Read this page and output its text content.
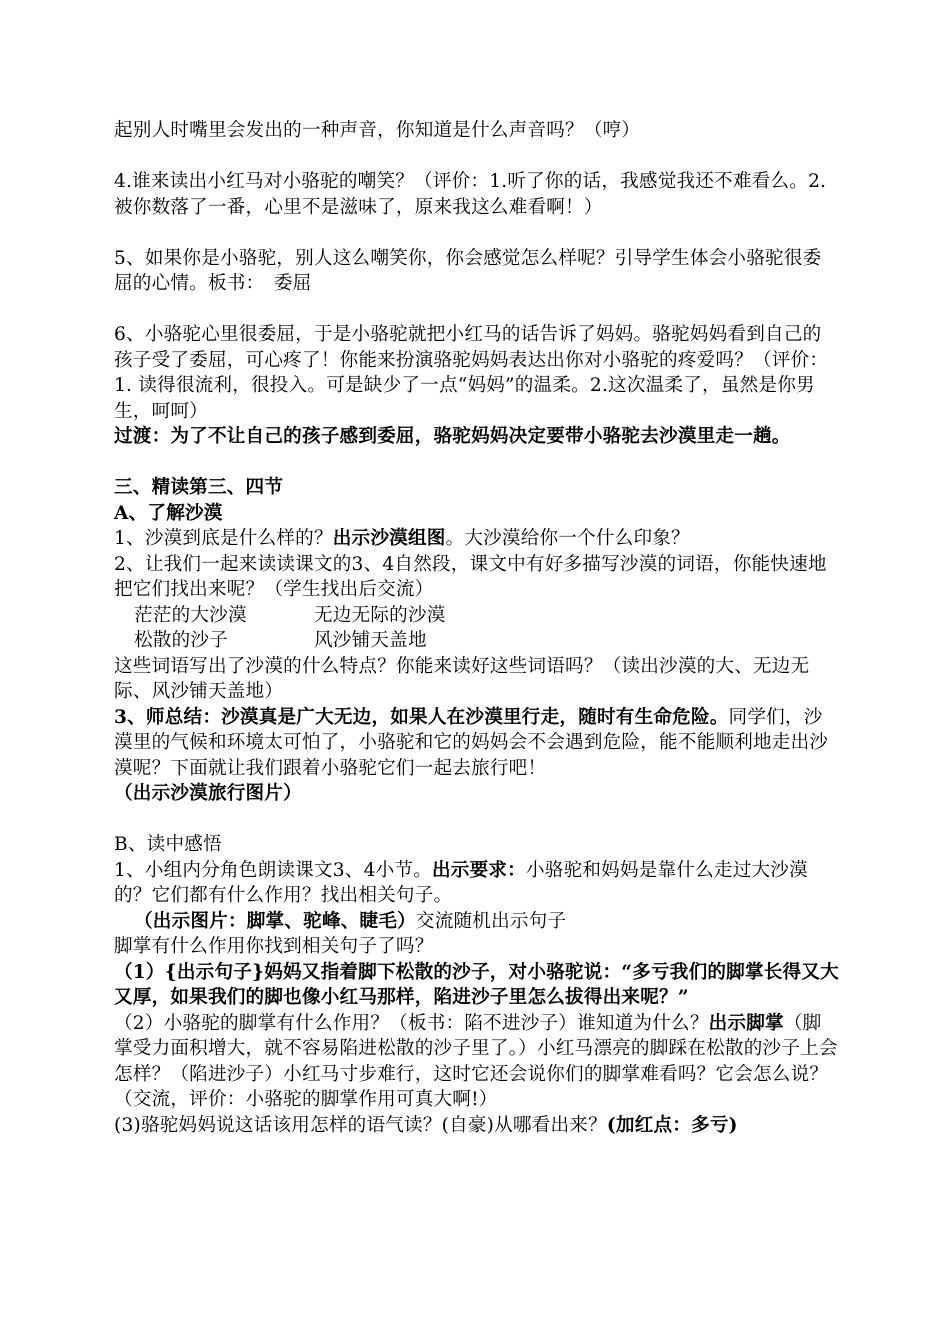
起别人时嘴里会发出的一种声音，你知道是什么声音吗？（哼）

4.谁来读出小红马对小骆驼的嘲笑？（评价：1.听了你的话，我感觉我还不难看么。2.被你数落了一番，心里不是滋味了，原来我这么难看啊！）

5、如果你是小骆驼，别人这么嘲笑你，你会感觉怎么样呢？引导学生体会小骆驼很委屈的心情。板书：　委屈

6、小骆驼心里很委屈，于是小骆驼就把小红马的话告诉了妈妈。骆驼妈妈看到自己的孩子受了委屈，可心疼了！你能来扮演骆驼妈妈表达出你对小骆驼的疼爱吗？（评价：1. 读得很流利，很投入。可是缺少了一点“妈妈”的温柔。2.这次温柔了，虽然是你男生，呵呵）

过渡：为了不让自己的孩子感到委屈，骆驼妈妈决定要带小骆驼去沙漠里走一趟。

三、精读第三、四节

A、了解沙漠

1、沙漠到底是什么样的？出示沙漠组图。大沙漠给你一个什么印象？

2、让我们一起来读读课文的3、4自然段，课文中有好多描写沙漠的词语，你能快速地把它们找出来呢？（学生找出后交流）

茫茫的大沙漠	无边无际的沙漠
松散的沙子	风沙铺天盖地

这些词语写出了沙漠的什么特点？你能来读好这些词语吗？（读出沙漠的大、无边无际、风沙铺天盖地）

3、师总结：沙漠真是广大无边，如果人在沙漠里行走，随时有生命危险。同学们，沙漠里的气候和环境太可怕了，小骆驼和它的妈妈会不会遇到危险，能不能顺利地走出沙漠呢？下面就让我们跟着小骆驼它们一起去旅行吧！

（出示沙漠旅行图片）

B、读中感悟

1、小组内分角色朗读课文3、4小节。出示要求：小骆驼和妈妈是靠什么走过大沙漠的？它们都有什么作用？找出相关句子。

（出示图片：脚掌、驼峰、睫毛）交流随机出示句子

脚掌有什么作用你找到相关句子了吗？

（1）{出示句子}妈妈又指着脚下松散的沙子，对小骆驼说：“多亏我们的脚掌长得又大又厚，如果我们的脚也像小红马那样，陷进沙子里怎么拔得出来呢？”

（2）小骆驼的脚掌有什么作用？（板书：陷不进沙子）谁知道为什么？出示脚掌（脚掌受力面积增大，就不容易陷进松散的沙子里了。）小红马漂亮的脚踩在松散的沙子上会怎样？（陷进沙子）小红马寸步难行，这时它还会说你们的脚掌难看吗？它会怎么说？（交流，评价：小骆驼的脚掌作用可真大啊!）

(3)骆驼妈妈说这话该用怎样的语气读？(自豪)从哪看出来？(加红点：多亏)
